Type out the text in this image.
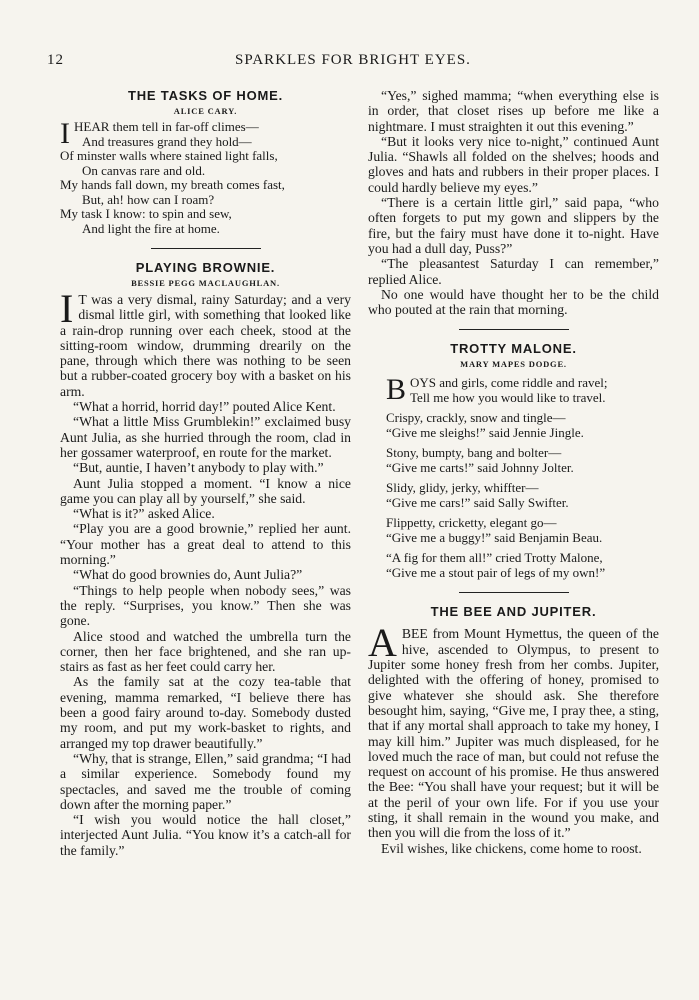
12	SPARKLES FOR BRIGHT EYES.
THE TASKS OF HOME.
ALICE CARY.
I HEAR them tell in far-off climes—
And treasures grand they hold—
Of minster walls where stained light falls,
On canvas rare and old.
My hands fall down, my breath comes fast,
But, ah! how can I roam?
My task I know: to spin and sew,
And light the fire at home.
PLAYING BROWNIE.
BESSIE PEGG MACLAUGHLAN.

I T was a very dismal, rainy Saturday; and a very dismal little girl, with something that looked like a rain-drop running over each cheek, stood at the sitting-room window, drumming drearily on the pane, through which there was nothing to be seen but a rubber-coated grocery boy with a basket on his arm.

“What a horrid, horrid day!” pouted Alice Kent.

“What a little Miss Grumblekin!” exclaimed busy Aunt Julia, as she hurried through the room, clad in her gossamer waterproof, en route for the market.

“But, auntie, I haven’t anybody to play with.”

Aunt Julia stopped a moment. “I know a nice game you can play all by yourself,” she said.

“What is it?” asked Alice.

“Play you are a good brownie,” replied her aunt. “Your mother has a great deal to attend to this morning.”

“What do good brownies do, Aunt Julia?”

“Things to help people when nobody sees,” was the reply. “Surprises, you know.” Then she was gone.

Alice stood and watched the umbrella turn the corner, then her face brightened, and she ran up-stairs as fast as her feet could carry her.

As the family sat at the cozy tea-table that evening, mamma remarked, “I believe there has been a good fairy around to-day. Somebody dusted my room, and put my work-basket to rights, and arranged my top drawer beautifully.”

“Why, that is strange, Ellen,” said grandma; “I had a similar experience. Somebody found my spectacles, and saved me the trouble of coming down after the morning paper.”

“I wish you would notice the hall closet,” interjected Aunt Julia. “You know it’s a catch-all for the family.”

“Yes,” sighed mamma; “when everything else is in order, that closet rises up before me like a nightmare. I must straighten it out this evening.”

“But it looks very nice to-night,” continued Aunt Julia. “Shawls all folded on the shelves; hoods and gloves and hats and rubbers in their proper places. I could hardly believe my eyes.”

“There is a certain little girl,” said papa, “who often forgets to put my gown and slippers by the fire, but the fairy must have done it to-night. Have you had a dull day, Puss?”

“The pleasantest Saturday I can remember,” replied Alice.

No one would have thought her to be the child who pouted at the rain that morning.

TROTTY MALONE.
MARY MAPES DODGE.
B OYS and girls, come riddle and ravel;
Tell me how you would like to travel.
Crispy, crackly, snow and tingle—
“Give me sleighs!” said Jennie Jingle.
Stony, bumpty, bang and bolter—
“Give me carts!” said Johnny Jolter.
Slidy, glidy, jerky, whiffter—
“Give me cars!” said Sally Swifter.
Flippetty, cricketty, elegant go—
“Give me a buggy!” said Benjamin Beau.
“A fig for them all!” cried Trotty Malone,
“Give me a stout pair of legs of my own!”
THE BEE AND JUPITER.

ABEE from Mount Hymettus, the queen of the hive, ascended to Olympus, to present to Jupiter some honey fresh from her combs. Jupiter, delighted with the offering of honey, promised to give whatever she should ask. She therefore besought him, saying, “Give me, I pray thee, a sting, that if any mortal shall approach to take my honey, I may kill him.” Jupiter was much displeased, for he loved much the race of man, but could not refuse the request on account of his promise. He thus answered the Bee: “You shall have your request; but it will be at the peril of your own life. For if you use your sting, it shall remain in the wound you make, and then you will die from the loss of it.”

Evil wishes, like chickens, come home to roost.
